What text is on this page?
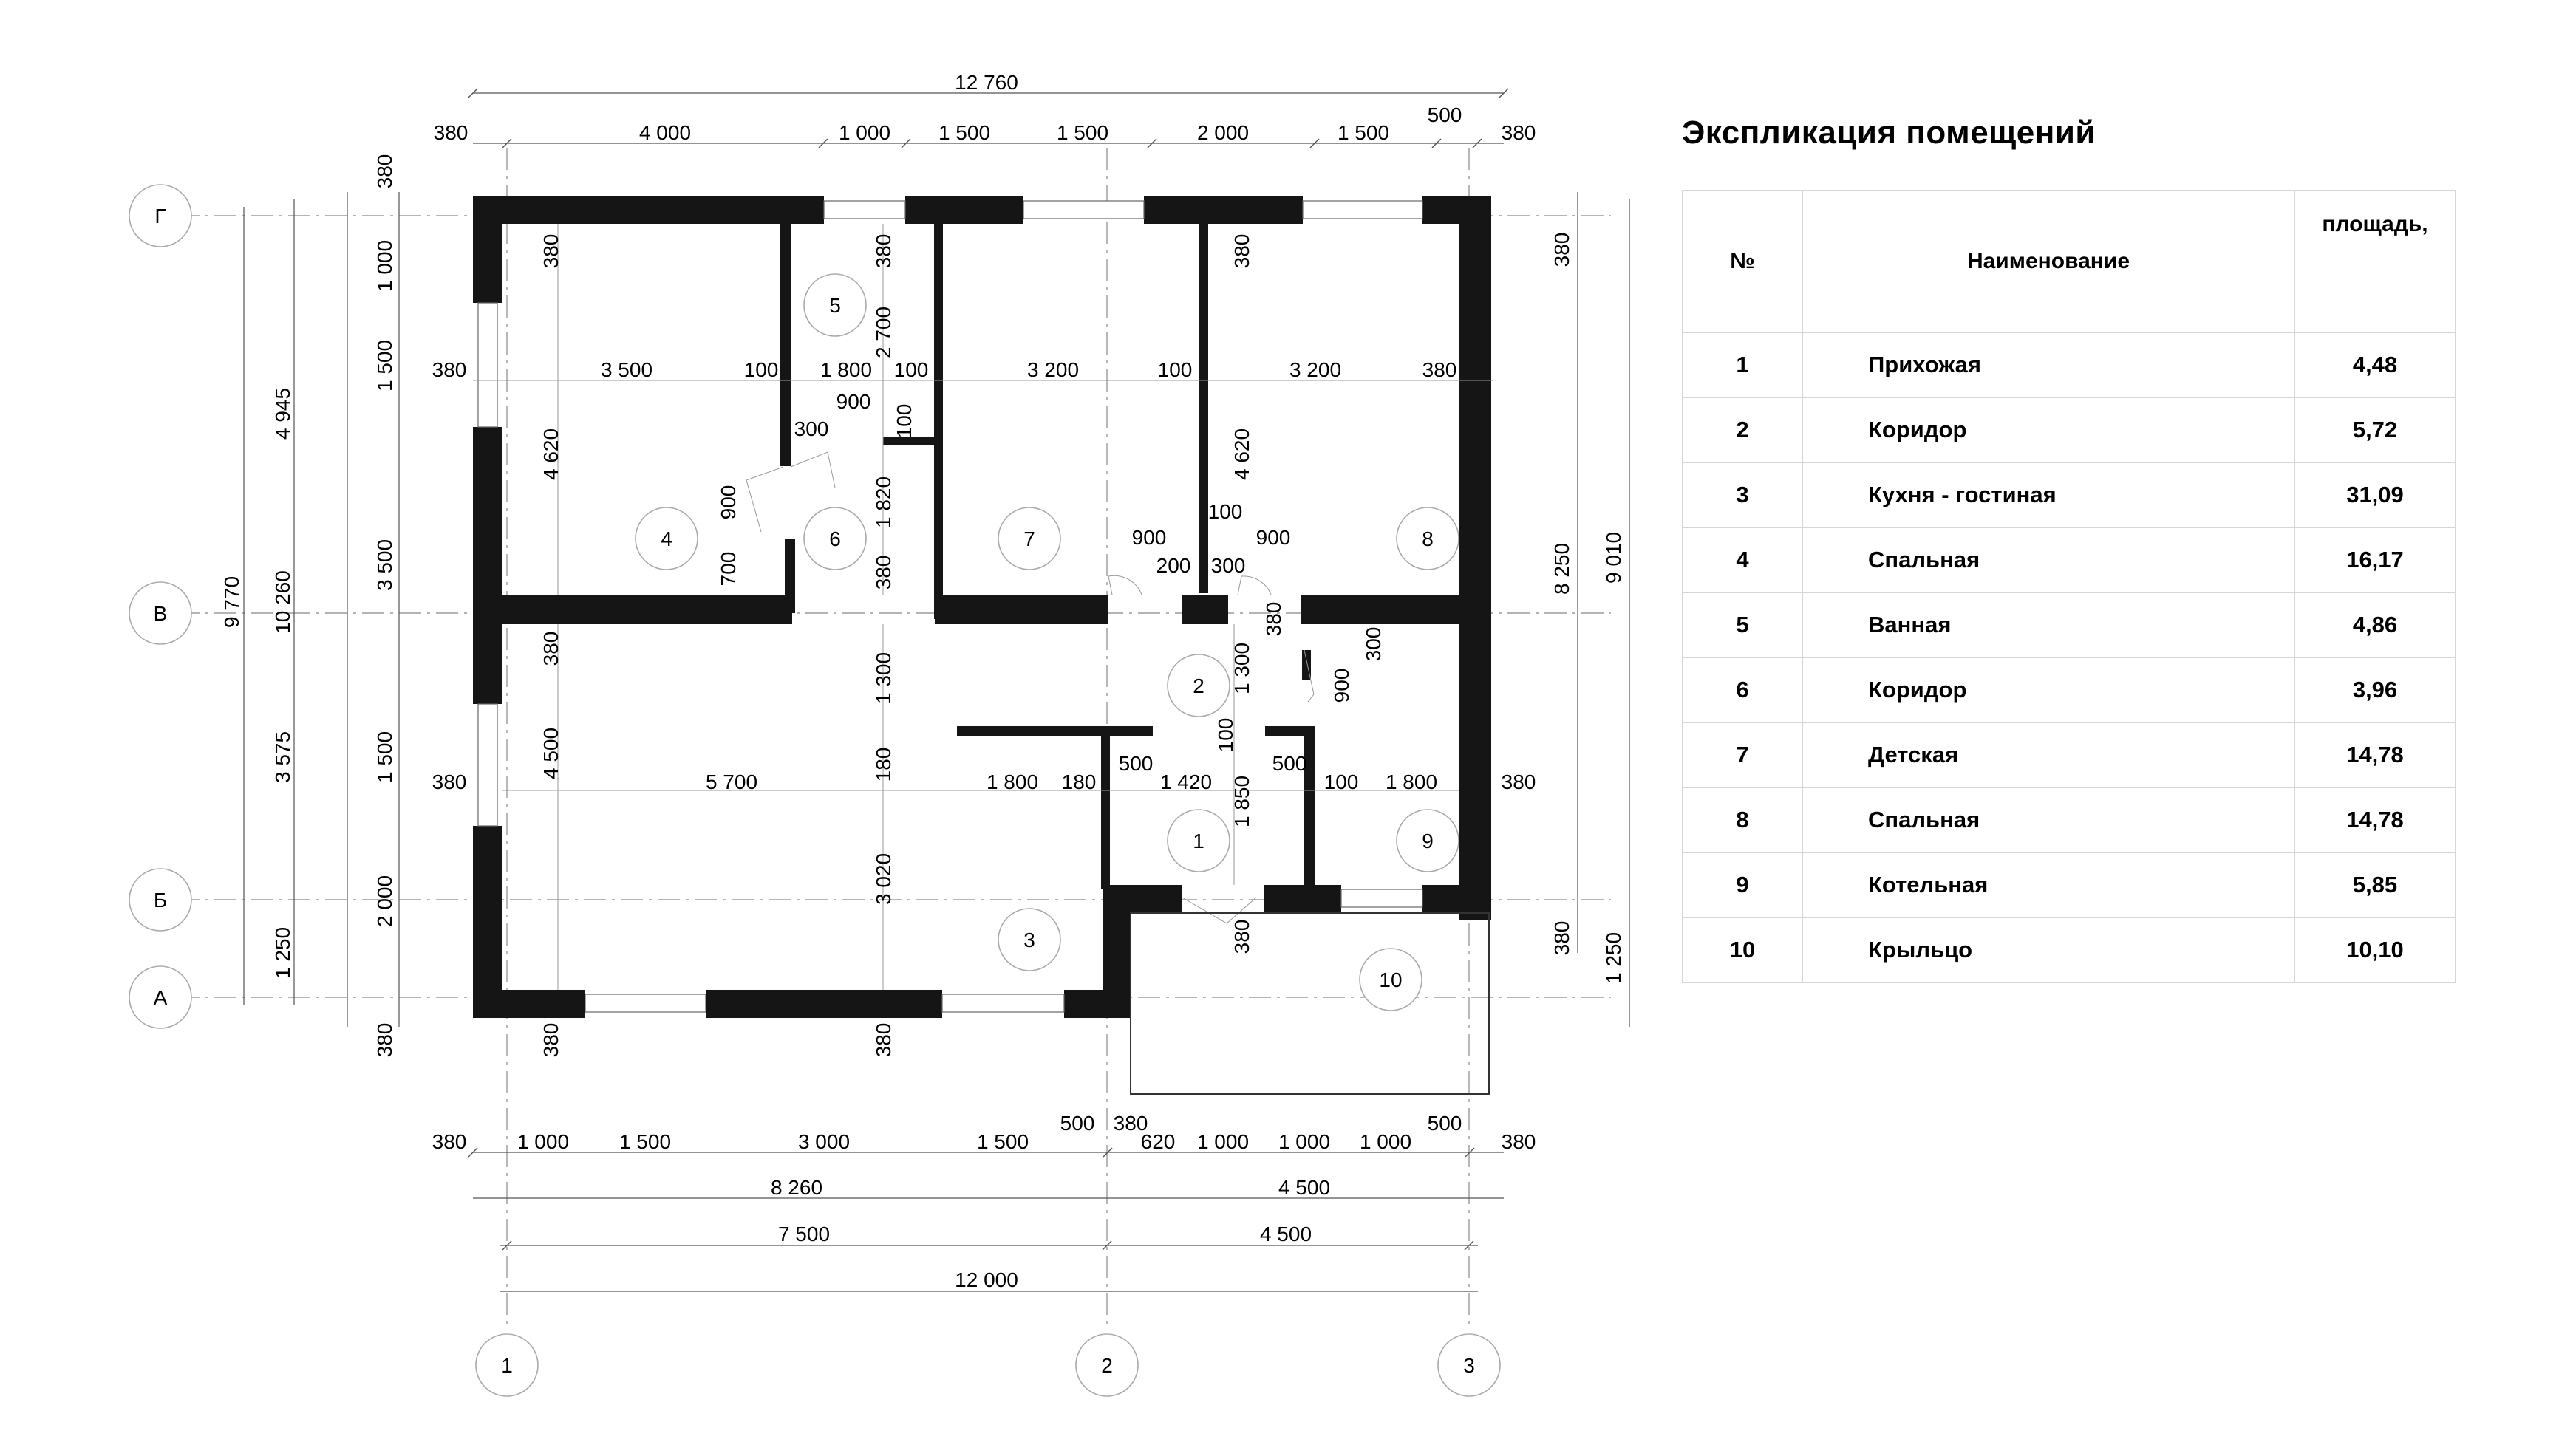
Г
В
Б
А
1	2	3
1
2
3
4
5
6	7	8
9
10
12 760
380	4 000	1 000 1 500	1 500	2 000	1 500
500
380
380 1 000 1 500	3 000	1 500
500 380
620 1 000 1 000 1 000
500
380
8 260	4 500
7 500	4 500
12 000
9 770 10 260
4 945
3 575
1 250
380
1 000
1 500
3 500
1 500
2 000
380
380
8 250 9 010
380 1 250
380	3 500	100
4 620
380
1 800
380
2 700
100
900
300	100
900
700
1 820
380
3 200	100
380
3 200	380
4 620
900
100
900
200 300
380
1 300	300
900
380
4 500
380	5 700
1 300
180
3 020
380	380
1 800 180
500
1 420
100
500
1 850	100 1 800	380
380
Экспликация помещений
№	Наименование	площадь,
1	Прихожая	4,48
2	Коридор	5,72
3	Кухня - гостиная	31,09
4	Спальная	16,17
5	Ванная	4,86
6	Коридор	3,96
7	Детская	14,78
8	Спальная	14,78
9	Котельная	5,85
10	Крыльцо	10,10
